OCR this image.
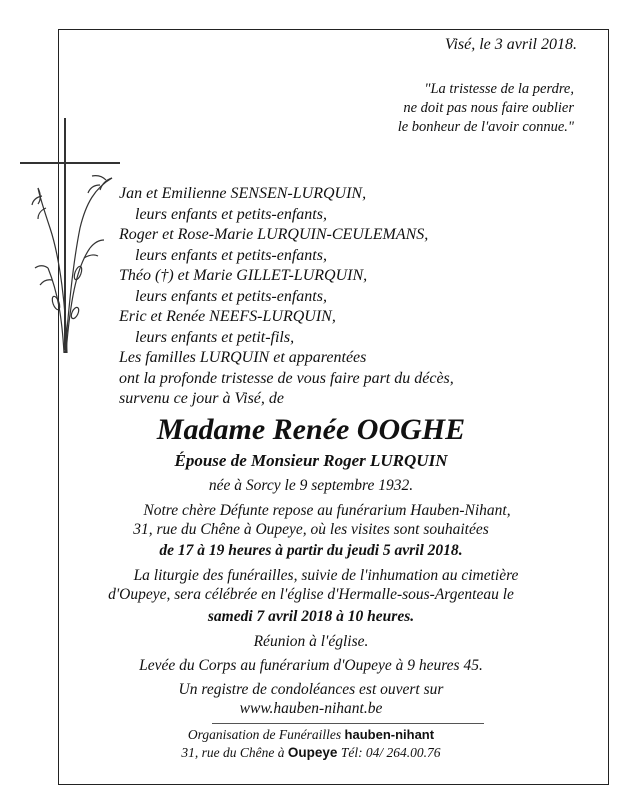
Visé, le 3 avril 2018.
"La tristesse de la perdre,
ne doit pas nous faire oublier
le bonheur de l'avoir connue."
Jan et Emilienne SENSEN-LURQUIN,
leurs enfants et petits-enfants,
Roger et Rose-Marie LURQUIN-CEULEMANS,
leurs enfants et petits-enfants,
Théo (†) et Marie GILLET-LURQUIN,
leurs enfants et petits-enfants,
Eric et Renée NEEFS-LURQUIN,
leurs enfants et petit-fils,
Les familles LURQUIN et apparentées
ont la profonde tristesse de vous faire part du décès,
survenu ce jour à Visé, de
Madame Renée OOGHE
Épouse de Monsieur Roger LURQUIN
née à Sorcy le 9 septembre 1932.
Notre chère Défunte repose au funérarium Hauben-Nihant,
31, rue du Chêne à Oupeye, où les visites sont souhaitées
de 17 à 19 heures à partir du jeudi 5 avril 2018.
La liturgie des funérailles, suivie de l'inhumation au cimetière
d'Oupeye, sera célébrée en l'église d'Hermalle-sous-Argenteau le
samedi 7 avril 2018 à 10 heures.
Réunion à l'église.
Levée du Corps au funérarium d'Oupeye à 9 heures 45.
Un registre de condoléances est ouvert sur
www.hauben-nihant.be
Organisation de Funérailles hauben-nihant
31, rue du Chêne à Oupeye Tél: 04/ 264.00.76
